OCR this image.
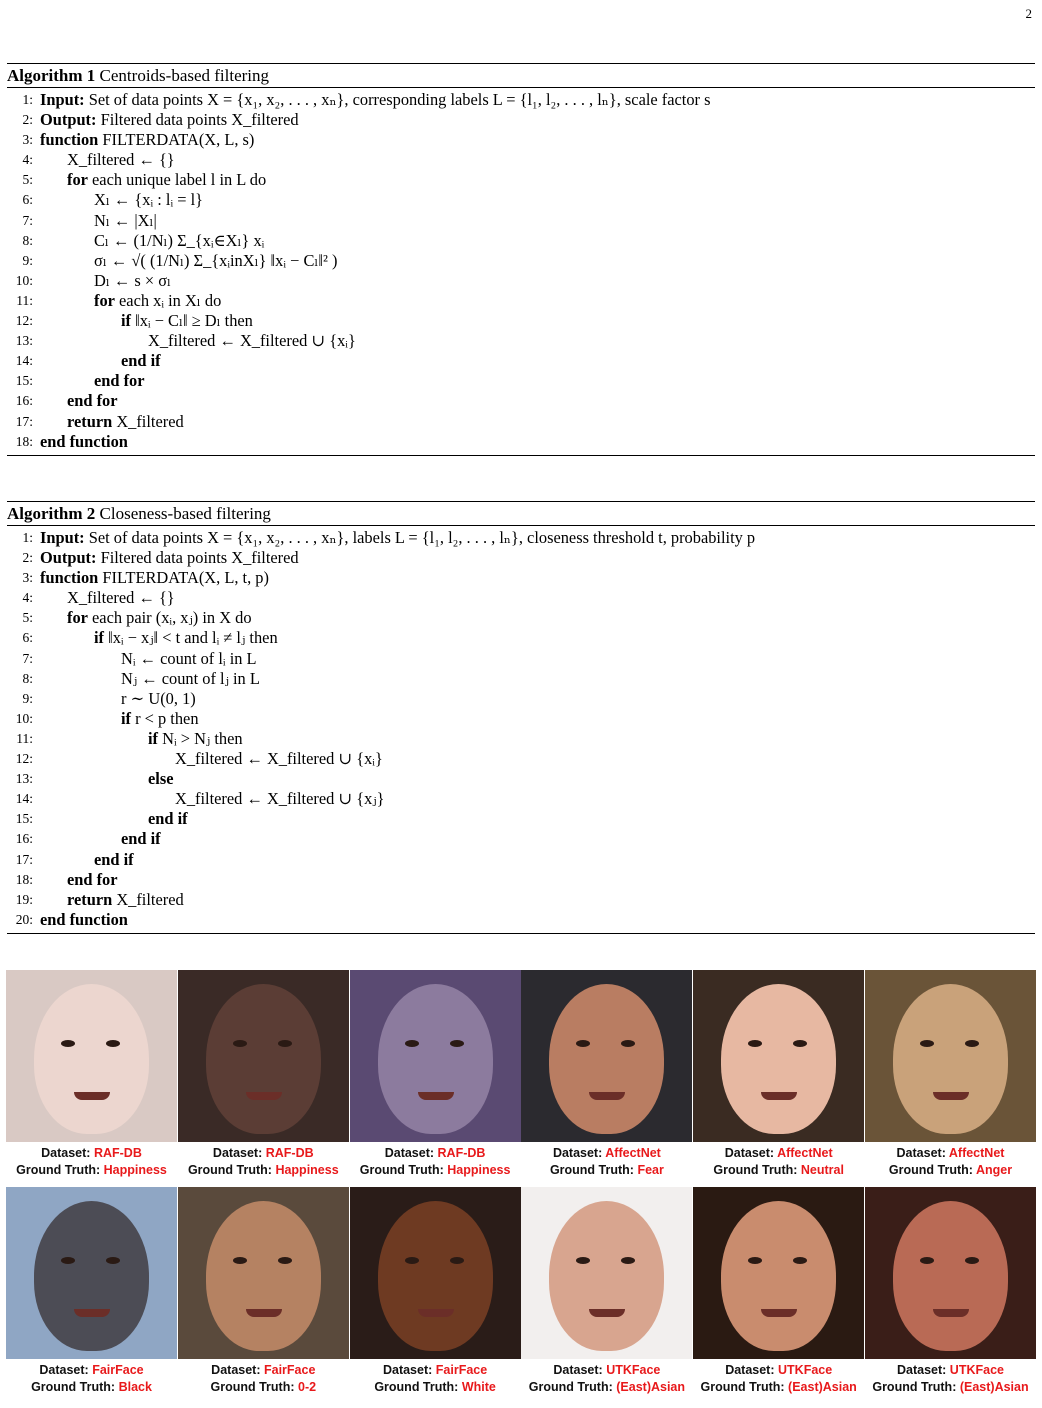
2
Algorithm 1 Centroids-based filtering
1: Input: Set of data points X = {x₁, x₂, . . . , xₙ}, corresponding labels L = {l₁, l₂, . . . , lₙ}, scale factor s
2: Output: Filtered data points X_filtered
3: function FILTERDATA(X, L, s)
4: X_filtered ← {}
5: for each unique label l in L do
6:	Xₗ ← {xᵢ : lᵢ = l}
7:	Nₗ ← |Xₗ|
8:	Cₗ ← (1/Nₗ) Σ_{xᵢ∈Xₗ} xᵢ
9:	σₗ ← √( (1/Nₗ) Σ_{xᵢinXₗ} ‖xᵢ − Cₗ‖² )
10:	Dₗ ← s × σₗ
11:	for each xᵢ in Xₗ do
12:	if ‖xᵢ − Cₗ‖ ≥ Dₗ then
13:	X_filtered ← X_filtered ∪ {xᵢ}
14:	end if
15:	end for
16: end for
17: return X_filtered
18: end function
Algorithm 2 Closeness-based filtering
1: Input: Set of data points X = {x₁, x₂, . . . , xₙ}, labels L = {l₁, l₂, . . . , lₙ}, closeness threshold t, probability p
2: Output: Filtered data points X_filtered
3: function FILTERDATA(X, L, t, p)
4: X_filtered ← {}
5: for each pair (xᵢ, xⱼ) in X do
6:	if ‖xᵢ − xⱼ‖ < t and lᵢ ≠ lⱼ then
7:	Nᵢ ← count of lᵢ in L
8:	Nⱼ ← count of lⱼ in L
9:	r ∼ U(0, 1)
10:	if r < p then
11:	if Nᵢ > Nⱼ then
12:	X_filtered ← X_filtered ∪ {xᵢ}
13:	else
14:	X_filtered ← X_filtered ∪ {xⱼ}
15:	end if
16:	end if
17:	end if
18: end for
19: return X_filtered
20: end function
Dataset: RAF-DB
Ground Truth: Happiness
Dataset: RAF-DB
Ground Truth: Happiness
Dataset: RAF-DB
Ground Truth: Happiness
Dataset: AffectNet
Ground Truth: Fear
Dataset: AffectNet
Ground Truth: Neutral
Dataset: AffectNet
Ground Truth: Anger
Dataset: FairFace
Ground Truth: Black
Dataset: FairFace
Ground Truth: 0-2
Dataset: FairFace
Ground Truth: White
Dataset: UTKFace
Ground Truth: (East)Asian
Dataset: UTKFace
Ground Truth: (East)Asian
Dataset: UTKFace
Ground Truth: (East)Asian
